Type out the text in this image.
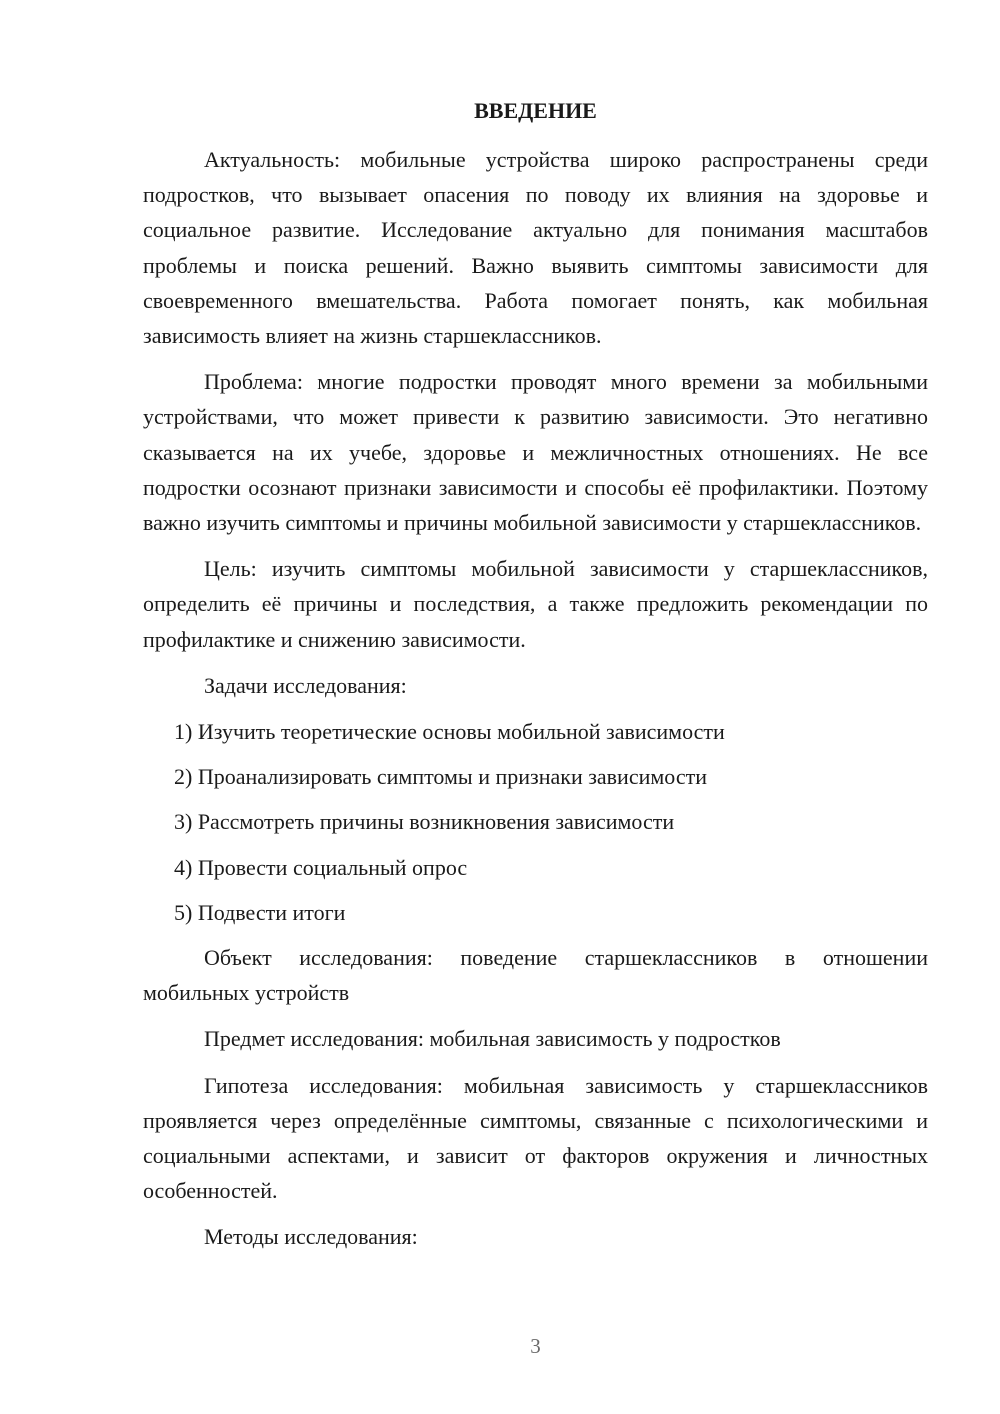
ВВЕДЕНИЕ

Актуальность: мобильные устройства широко распространены среди подростков, что вызывает опасения по поводу их влияния на здоровье и социальное развитие. Исследование актуально для понимания масштабов проблемы и поиска решений. Важно выявить симптомы зависимости для своевременного вмешательства. Работа помогает понять, как мобильная зависимость влияет на жизнь старшеклассников.

Проблема: многие подростки проводят много времени за мобильными устройствами, что может привести к развитию зависимости. Это негативно сказывается на их учебе, здоровье и межличностных отношениях. Не все подростки осознают признаки зависимости и способы её профилактики. Поэтому важно изучить симптомы и причины мобильной зависимости у старшеклассников.

Цель: изучить симптомы мобильной зависимости у старшеклассников, определить её причины и последствия, а также предложить рекомендации по профилактике и снижению зависимости.

Задачи исследования:

1) Изучить теоретические основы мобильной зависимости
2) Проанализировать симптомы и признаки зависимости
3) Рассмотреть причины возникновения зависимости
4) Провести социальный опрос
5) Подвести итоги

Объект исследования: поведение старшеклассников в отношении мобильных устройств

Предмет исследования: мобильная зависимость у подростков

Гипотеза исследования: мобильная зависимость у старшеклассников проявляется через определённые симптомы, связанные с психологическими и социальными аспектами, и зависит от факторов окружения и личностных особенностей.

Методы исследования:

3
